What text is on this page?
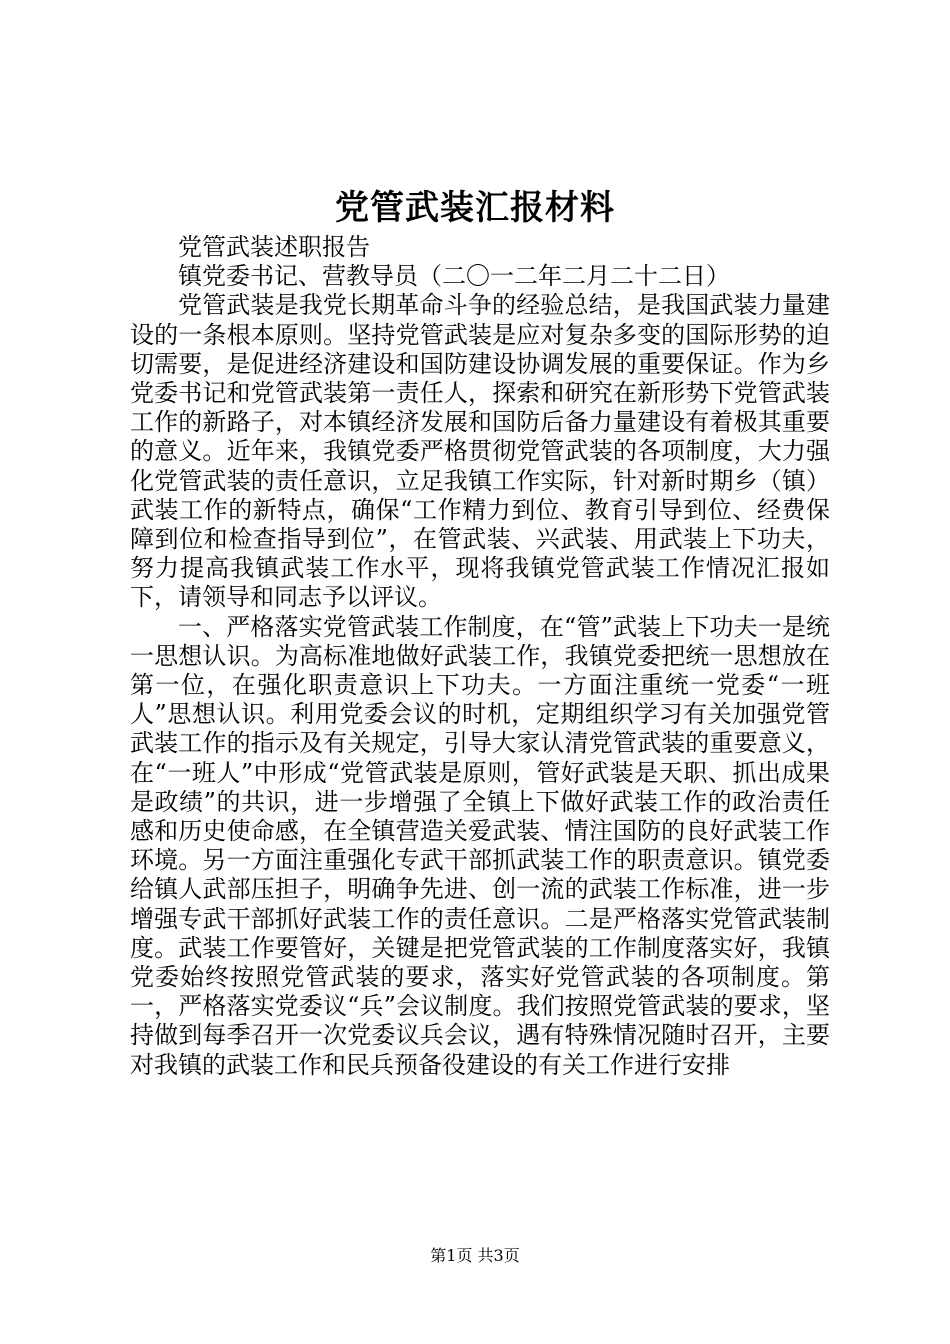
党管武装汇报材料

党管武装述职报告

镇党委书记、营教导员（二〇一二年二月二十二日）

党管武装是我党长期革命斗争的经验总结，是我国武装力量建设的一条根本原则。坚持党管武装是应对复杂多变的国际形势的迫切需要，是促进经济建设和国防建设协调发展的重要保证。作为乡党委书记和党管武装第一责任人，探索和研究在新形势下党管武装工作的新路子，对本镇经济发展和国防后备力量建设有着极其重要的意义。近年来，我镇党委严格贯彻党管武装的各项制度，大力强化党管武装的责任意识，立足我镇工作实际，针对新时期乡（镇）武装工作的新特点，确保“工作精力到位、教育引导到位、经费保障到位和检查指导到位”，在管武装、兴武装、用武装上下功夫，努力提高我镇武装工作水平，现将我镇党管武装工作情况汇报如下，请领导和同志予以评议。

一、严格落实党管武装工作制度，在“管”武装上下功夫一是统一思想认识。为高标准地做好武装工作，我镇党委把统一思想放在第一位，在强化职责意识上下功夫。一方面注重统一党委“一班人”思想认识。利用党委会议的时机，定期组织学习有关加强党管武装工作的指示及有关规定，引导大家认清党管武装的重要意义，在“一班人”中形成“党管武装是原则，管好武装是天职、抓出成果是政绩”的共识，进一步增强了全镇上下做好武装工作的政治责任感和历史使命感，在全镇营造关爱武装、情注国防的良好武装工作环境。另一方面注重强化专武干部抓武装工作的职责意识。镇党委给镇人武部压担子，明确争先进、创一流的武装工作标准，进一步增强专武干部抓好武装工作的责任意识。二是严格落实党管武装制度。武装工作要管好，关键是把党管武装的工作制度落实好，我镇党委始终按照党管武装的要求，落实好党管武装的各项制度。第一，严格落实党委议“兵”会议制度。我们按照党管武装的要求，坚持做到每季召开一次党委议兵会议，遇有特殊情况随时召开，主要对我镇的武装工作和民兵预备役建设的有关工作进行安排

第1页 共3页
